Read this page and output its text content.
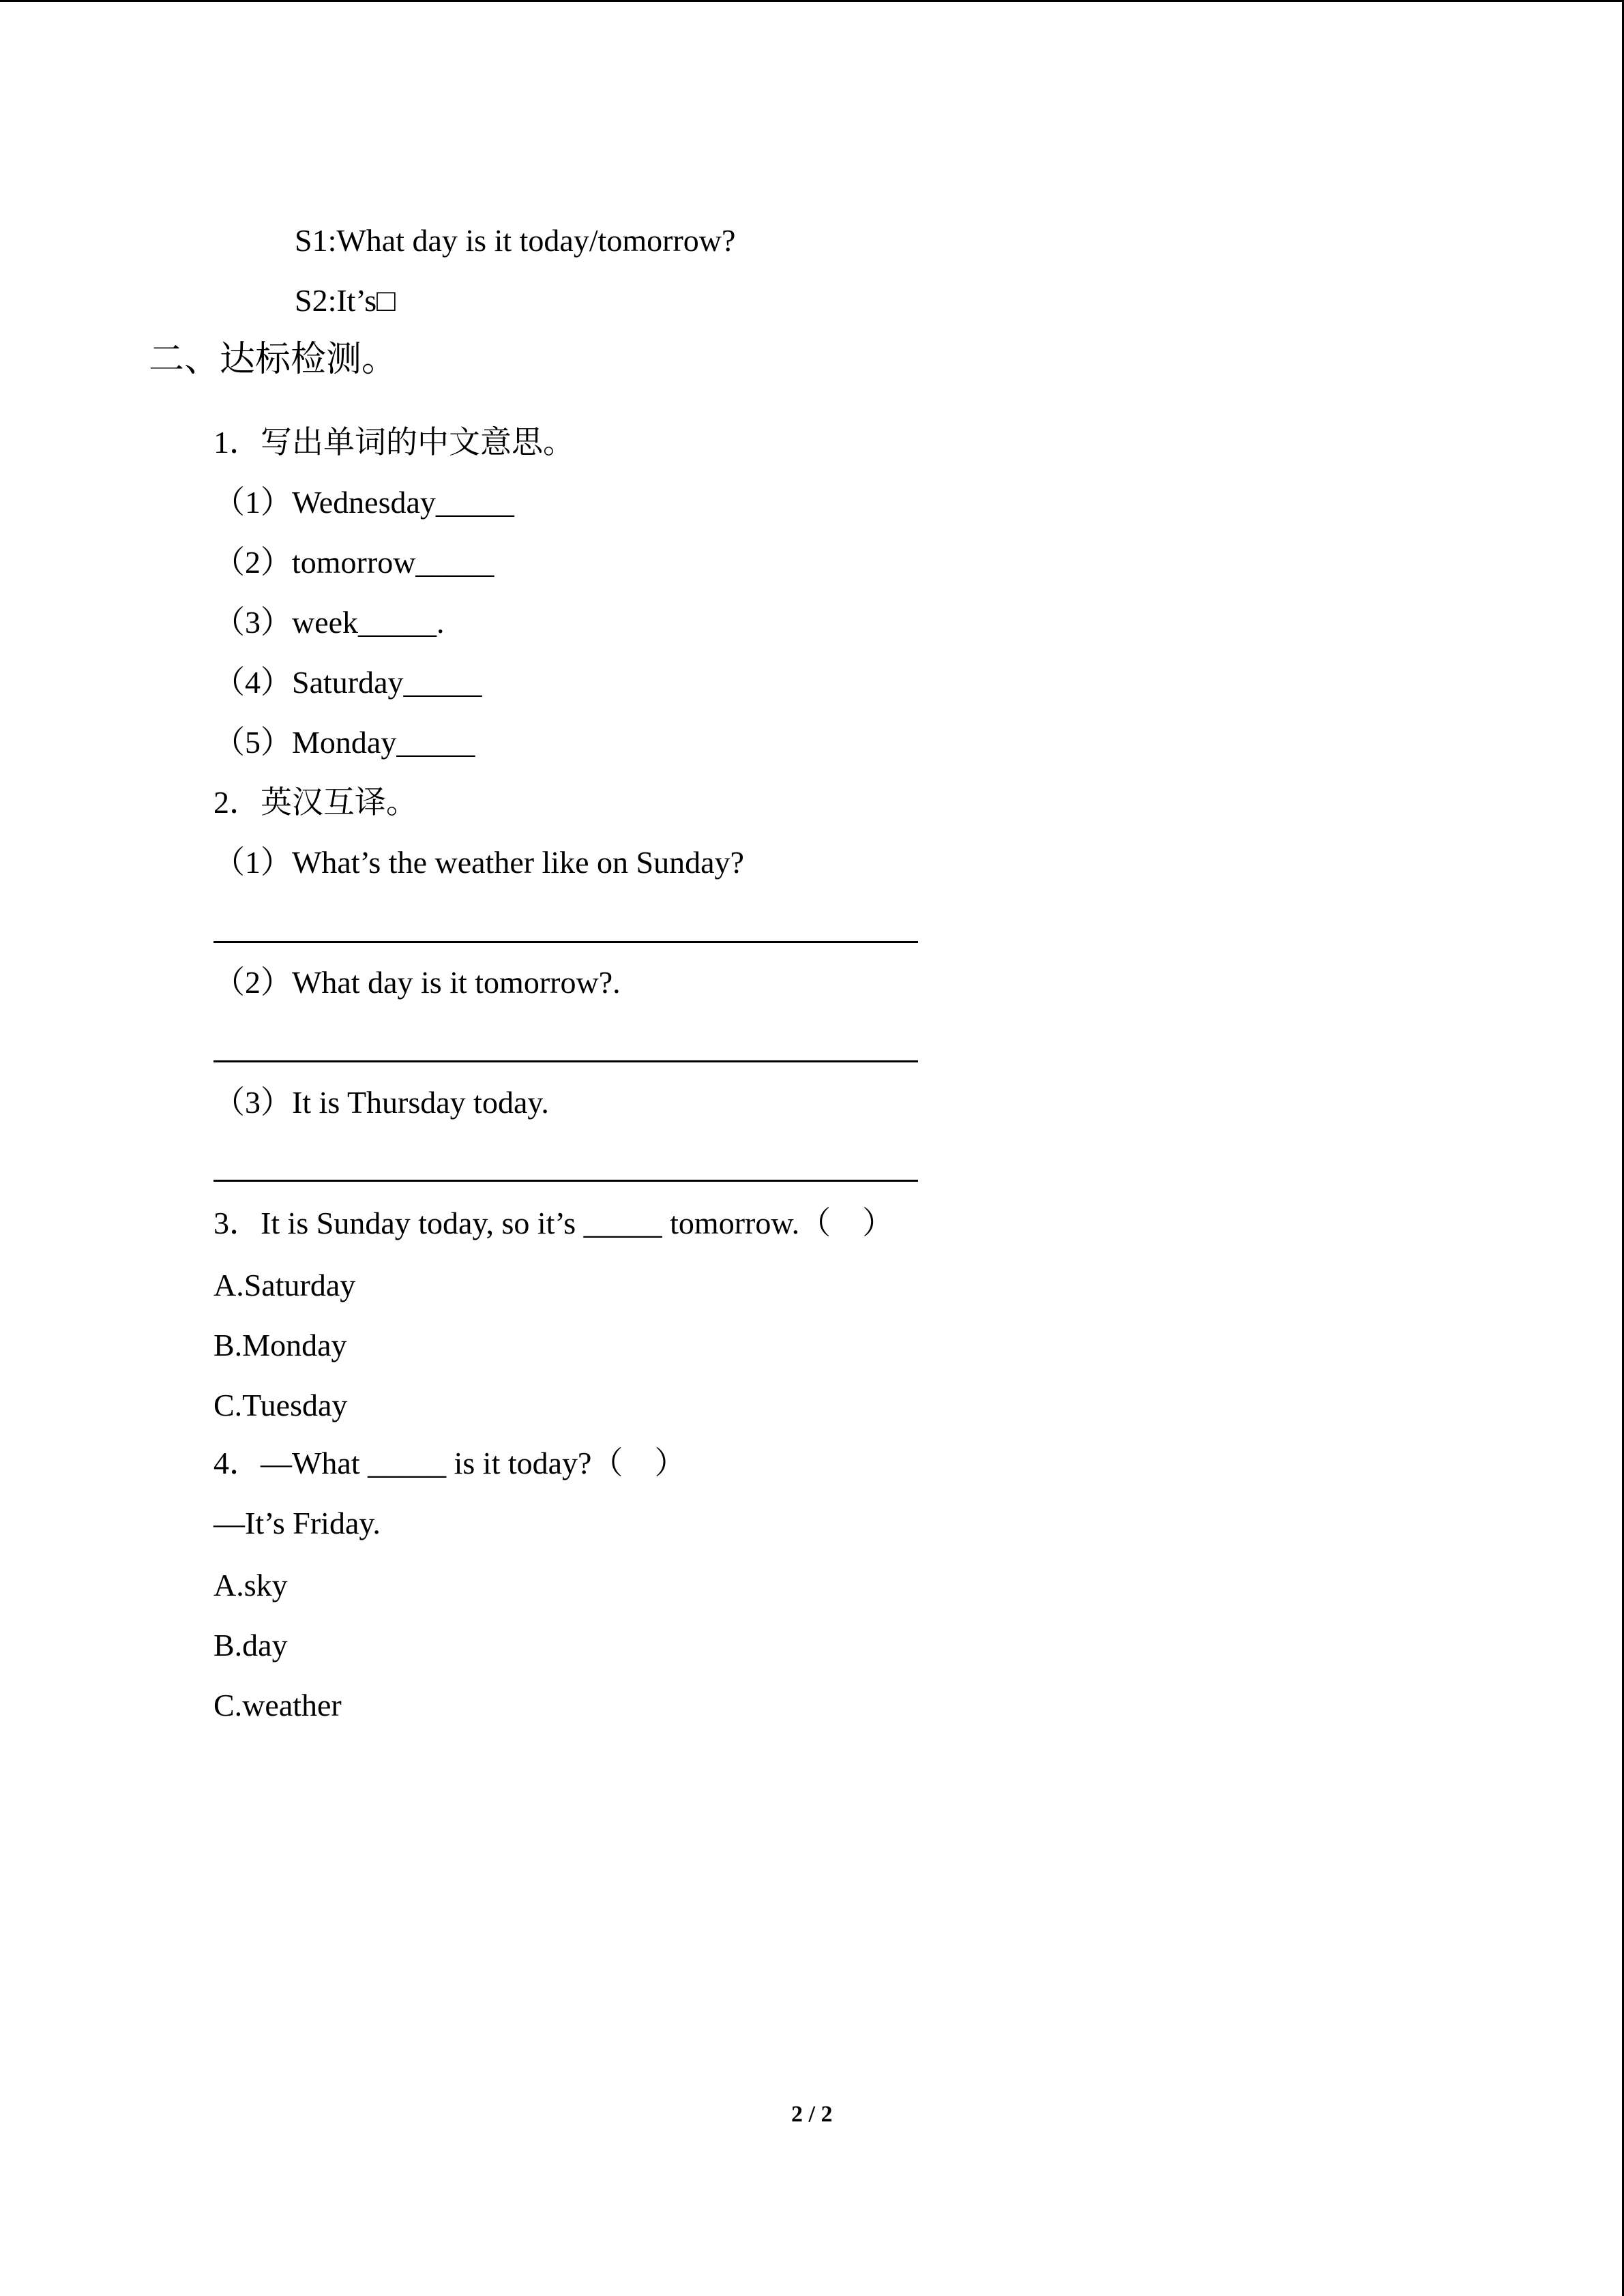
S1:What day is it today/tomorrow?
S2:It’s□
二、达标检测。
1．写出单词的中文意思。
（1）Wednesday_____
（2）tomorrow_____
（3）week_____.
（4）Saturday_____
（5）Monday_____
2．英汉互译。
（1）What’s the weather like on Sunday?
（2）What day is it tomorrow?.
（3）It is Thursday today.
3．It is Sunday today, so it’s _____ tomorrow.（    ）
A.Saturday
B.Monday
C.Tuesday
4．—What _____ is it today?（    ）
—It’s Friday.
A.sky
B.day
C.weather
2 / 2
